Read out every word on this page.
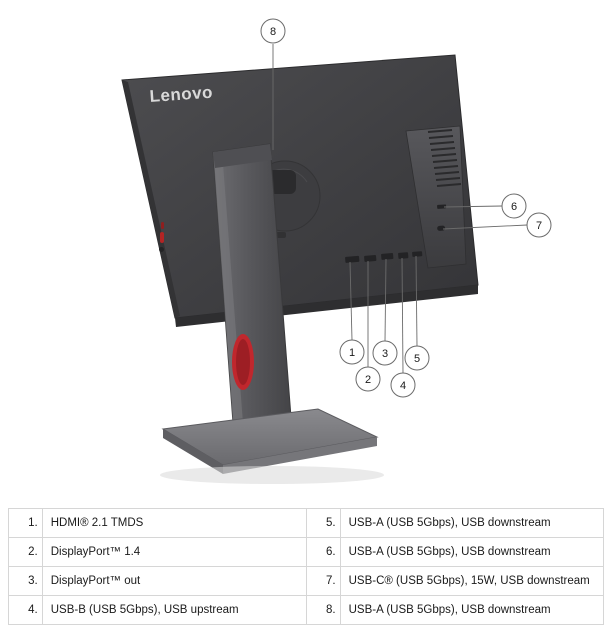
Lenovo
8
1
2
3
4
5
6
7
1.	HDMI® 2.1 TMDS	5.	USB-A (USB 5Gbps), USB downstream
2.	DisplayPort™ 1.4	6.	USB-A (USB 5Gbps), USB downstream
3.	DisplayPort™ out	7.	USB-C® (USB 5Gbps), 15W, USB downstream
4.	USB-B (USB 5Gbps), USB upstream	8.	USB-A (USB 5Gbps), USB downstream
